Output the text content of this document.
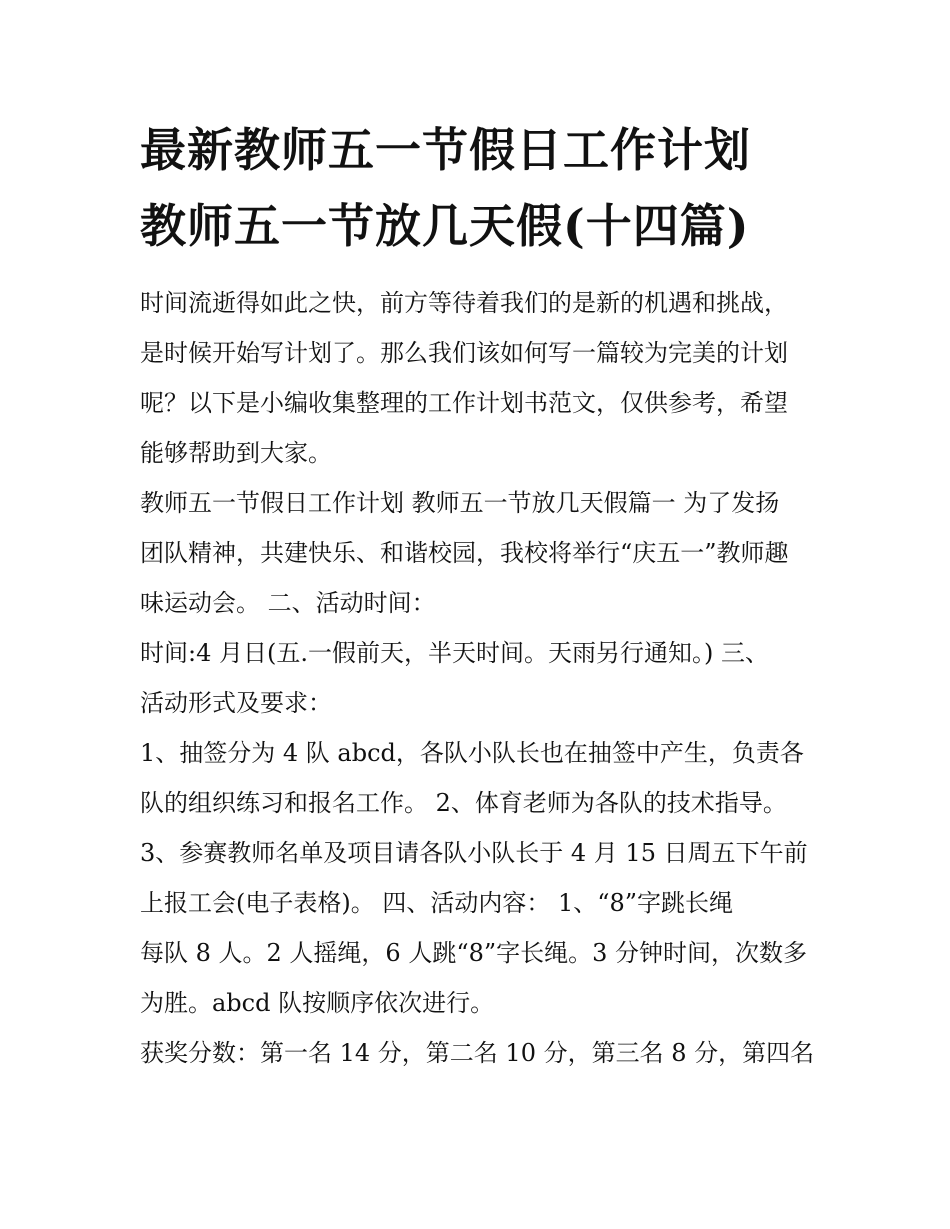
最新教师五一节假日工作计划
教师五一节放几天假(十四篇)

时间流逝得如此之快，前方等待着我们的是新的机遇和挑战，
是时候开始写计划了。那么我们该如何写一篇较为完美的计划
呢？以下是小编收集整理的工作计划书范文，仅供参考，希望
能够帮助到大家。

教师五一节假日工作计划 教师五一节放几天假篇一 为了发扬
团队精神，共建快乐、和谐校园，我校将举行“庆五一”教师趣
味运动会。 二、活动时间：

时间:4 月日(五.一假前天，半天时间。天雨另行通知。) 三、
活动形式及要求：

1、抽签分为 4 队 abcd，各队小队长也在抽签中产生，负责各
队的组织练习和报名工作。 2、体育老师为各队的技术指导。
3、参赛教师名单及项目请各队小队长于 4 月 15 日周五下午前
上报工会(电子表格)。 四、活动内容： 1、“8”字跳长绳
每队 8 人。2 人摇绳，6 人跳“8”字长绳。3 分钟时间，次数多
为胜。abcd 队按顺序依次进行。

获奖分数：第一名 14 分，第二名 10 分，第三名 8 分，第四名
